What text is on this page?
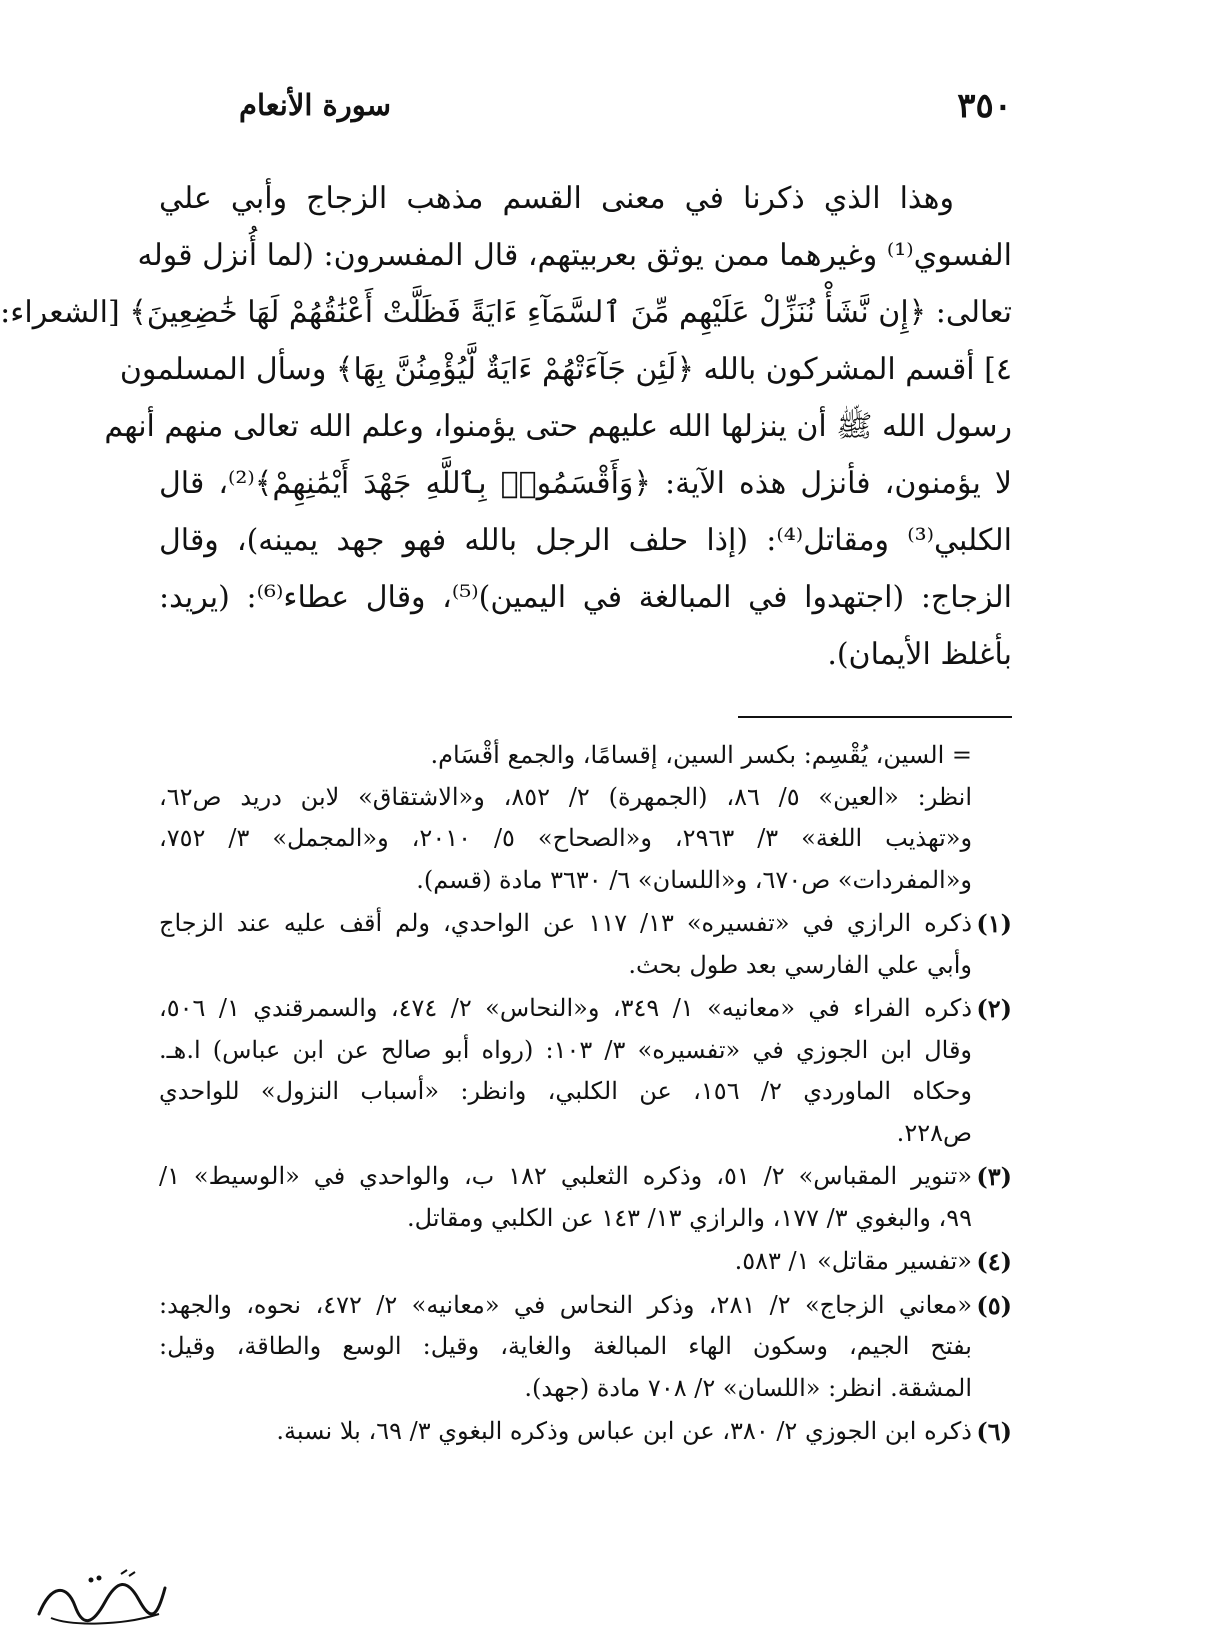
٣٥٠
سورة الأنعام

وهذا الذي ذكرنا في معنى القسم مذهب الزجاج وأبي علي
الفسوي⁽¹⁾ وغيرهما ممن يوثق بعربيتهم، قال المفسرون: (لما أُنزل قوله
تعالى: ﴿إِن نَّشَأْ نُنَزِّلْ عَلَيْهِم مِّنَ ٱلسَّمَآءِ ءَايَةً فَظَلَّتْ أَعْنَٰقُهُمْ لَهَا خَٰضِعِينَ﴾ [الشعراء:
٤] أقسم المشركون بالله ﴿لَئِن جَآءَتْهُمْ ءَايَةٌ لَّيُؤْمِنُنَّ بِهَا﴾ وسأل المسلمون
رسول الله ﷺ أن ينزلها الله عليهم حتى يؤمنوا، وعلم الله تعالى منهم أنهم
لا يؤمنون، فأنزل هذه الآية: ﴿وَأَقْسَمُوا۟ بِٱللَّهِ جَهْدَ أَيْمَٰنِهِمْ﴾⁽²⁾، قال
الكلبي⁽³⁾ ومقاتل⁽⁴⁾: (إذا حلف الرجل بالله فهو جهد يمينه)، وقال
الزجاج: (اجتهدوا في المبالغة في اليمين)⁽⁵⁾، وقال عطاء⁽⁶⁾: (يريد:
بأغلظ الأيمان).

= السين، يُقْسِم: بكسر السين، إقسامًا، والجمع أقْسَام.
انظر: «العين» ٥/ ٨٦، (الجمهرة) ٢/ ٨٥٢، و«الاشتقاق» لابن دريد ص٦٢،
و«تهذيب اللغة» ٣/ ٢٩٦٣، و«الصحاح» ٥/ ٢٠١٠، و«المجمل» ٣/ ٧٥٢،
و«المفردات» ص٦٧٠، و«اللسان» ٦/ ٣٦٣٠ مادة (قسم).
(١)
ذكره الرازي في «تفسيره» ١٣/ ١١٧ عن الواحدي، ولم أقف عليه عند الزجاج
وأبي علي الفارسي بعد طول بحث.
(٢)
ذكره الفراء في «معانيه» ١/ ٣٤٩، و«النحاس» ٢/ ٤٧٤، والسمرقندي ١/ ٥٠٦،
وقال ابن الجوزي في «تفسيره» ٣/ ١٠٣: (رواه أبو صالح عن ابن عباس) ا.هـ.
وحكاه الماوردي ٢/ ١٥٦، عن الكلبي، وانظر: «أسباب النزول» للواحدي
ص٢٢٨.
(٣)
«تنوير المقباس» ٢/ ٥١، وذكره الثعلبي ١٨٢ ب، والواحدي في «الوسيط» ١/
٩٩، والبغوي ٣/ ١٧٧، والرازي ١٣/ ١٤٣ عن الكلبي ومقاتل.
(٤)
«تفسير مقاتل» ١/ ٥٨٣.
(٥)
«معاني الزجاج» ٢/ ٢٨١، وذكر النحاس في «معانيه» ٢/ ٤٧٢، نحوه، والجهد:
بفتح الجيم، وسكون الهاء المبالغة والغاية، وقيل: الوسع والطاقة، وقيل:
المشقة. انظر: «اللسان» ٢/ ٧٠٨ مادة (جهد).
(٦)
ذكره ابن الجوزي ٢/ ٣٨٠، عن ابن عباس وذكره البغوي ٣/ ٦٩، بلا نسبة.
